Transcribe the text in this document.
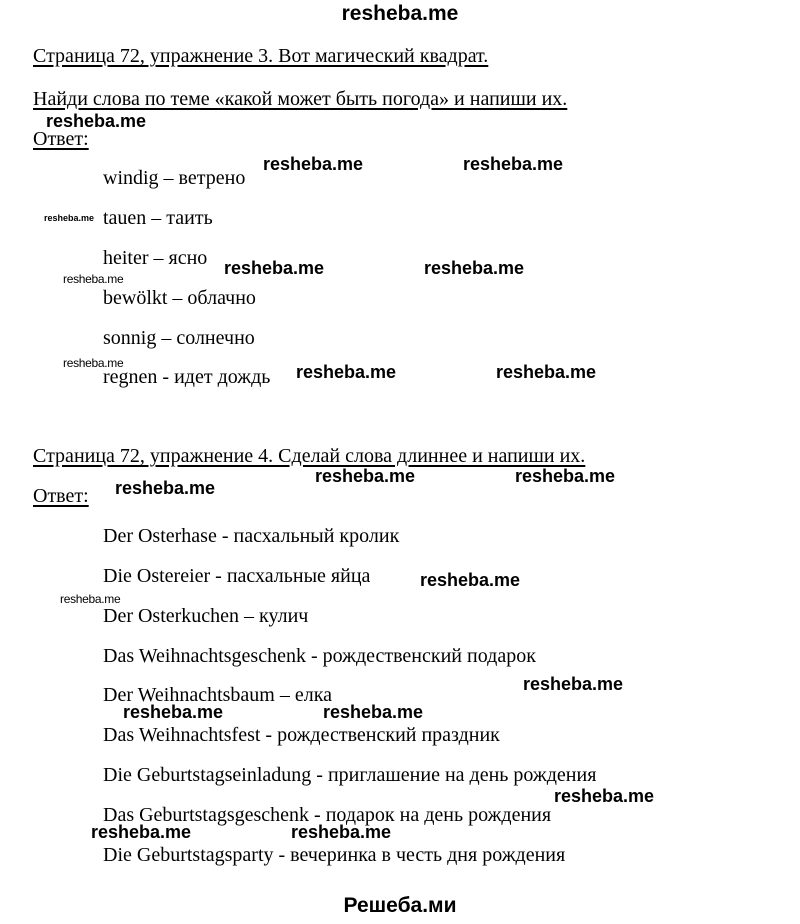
resheba.me
Страница 72, упражнение 3. Вот магический квадрат.
Найди слова по теме «какой может быть погода» и напиши их.
Ответ:
windig – ветрено
tauen – таить
heiter – ясно
bewölkt – облачно
sonnig – солнечно
regnen - идет дождь
Страница 72, упражнение 4. Сделай слова длиннее и напиши их.
Ответ:
Der Osterhase - пасхальный кролик
Die Ostereier - пасхальные яйца
Der Osterkuchen – кулич
Das Weihnachtsgeschenk - рождественский подарок
Der Weihnachtsbaum – елка
Das Weihnachtsfest - рождественский праздник
Die Geburtstagseinladung - приглашение на день рождения
Das Geburtstagsgeschenk - подарок на день рождения
Die Geburtstagsparty - вечеринка в честь дня рождения
resheba.me
resheba.me	resheba.me
resheba.me
resheba.me	resheba.me
resheba.me
resheba.me	resheba.me	resheba.me
resheba.me	resheba.me
resheba.me
resheba.me
resheba.me
resheba.me
resheba.me	resheba.me
resheba.me
resheba.me	resheba.me
Решеба.ми
